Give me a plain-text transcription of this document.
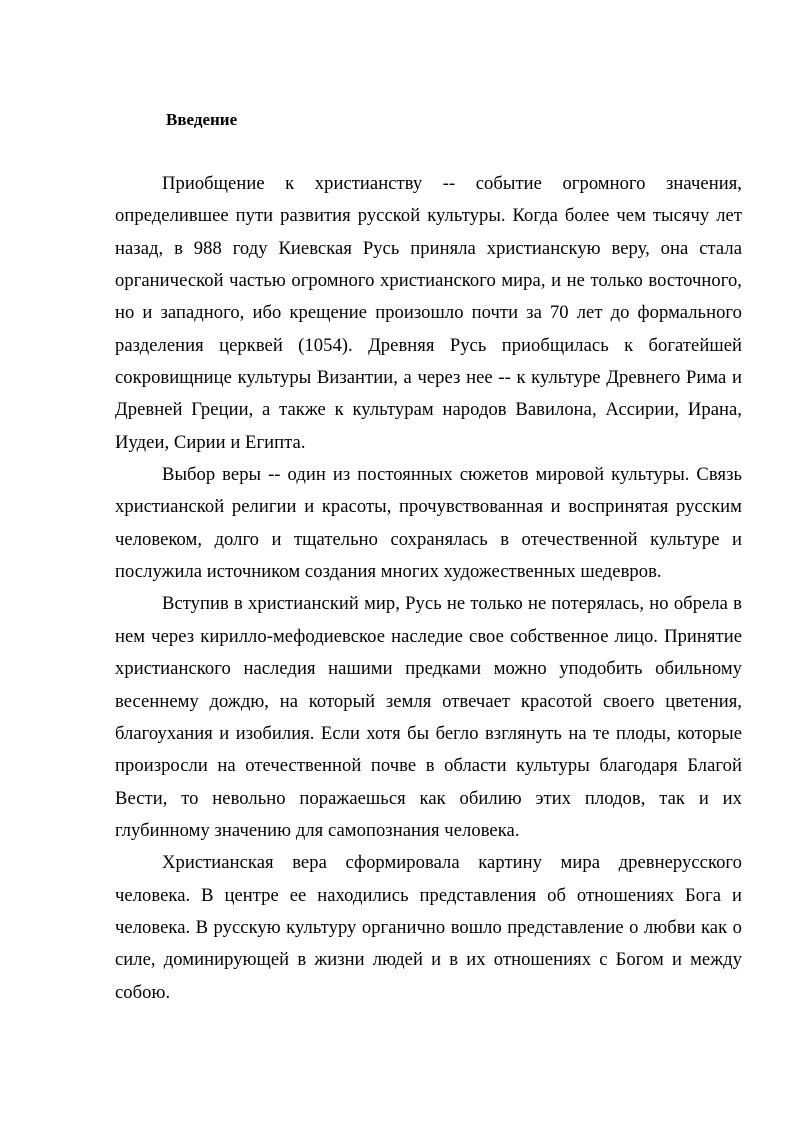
Введение

Приобщение к христианству -- событие огромного значения, определившее пути развития русской культуры. Когда более чем тысячу лет назад, в 988 году Киевская Русь приняла христианскую веру, она стала органической частью огромного христианского мира, и не только восточного, но и западного, ибо крещение произошло почти за 70 лет до формального разделения церквей (1054). Древняя Русь приобщилась к богатейшей сокровищнице культуры Византии, а через нее -- к культуре Древнего Рима и Древней Греции, а также к культурам народов Вавилона, Ассирии, Ирана, Иудеи, Сирии и Египта.

Выбор веры -- один из постоянных сюжетов мировой культуры. Связь христианской религии и красоты, прочувствованная и воспринятая русским человеком, долго и тщательно сохранялась в отечественной культуре и послужила источником создания многих художественных шедевров.

Вступив в христианский мир, Русь не только не потерялась, но обрела в нем через кирилло-мефодиевское наследие свое собственное лицо. Принятие христианского наследия нашими предками можно уподобить обильному весеннему дождю, на который земля отвечает красотой своего цветения, благоухания и изобилия. Если хотя бы бегло взглянуть на те плоды, которые произросли на отечественной почве в области культуры благодаря Благой Вести, то невольно поражаешься как обилию этих плодов, так и их глубинному значению для самопознания человека.

Христианская вера сформировала картину мира древнерусского человека. В центре ее находились представления об отношениях Бога и человека. В русскую культуру органично вошло представление о любви как о силе, доминирующей в жизни людей и в их отношениях с Богом и между собою.
